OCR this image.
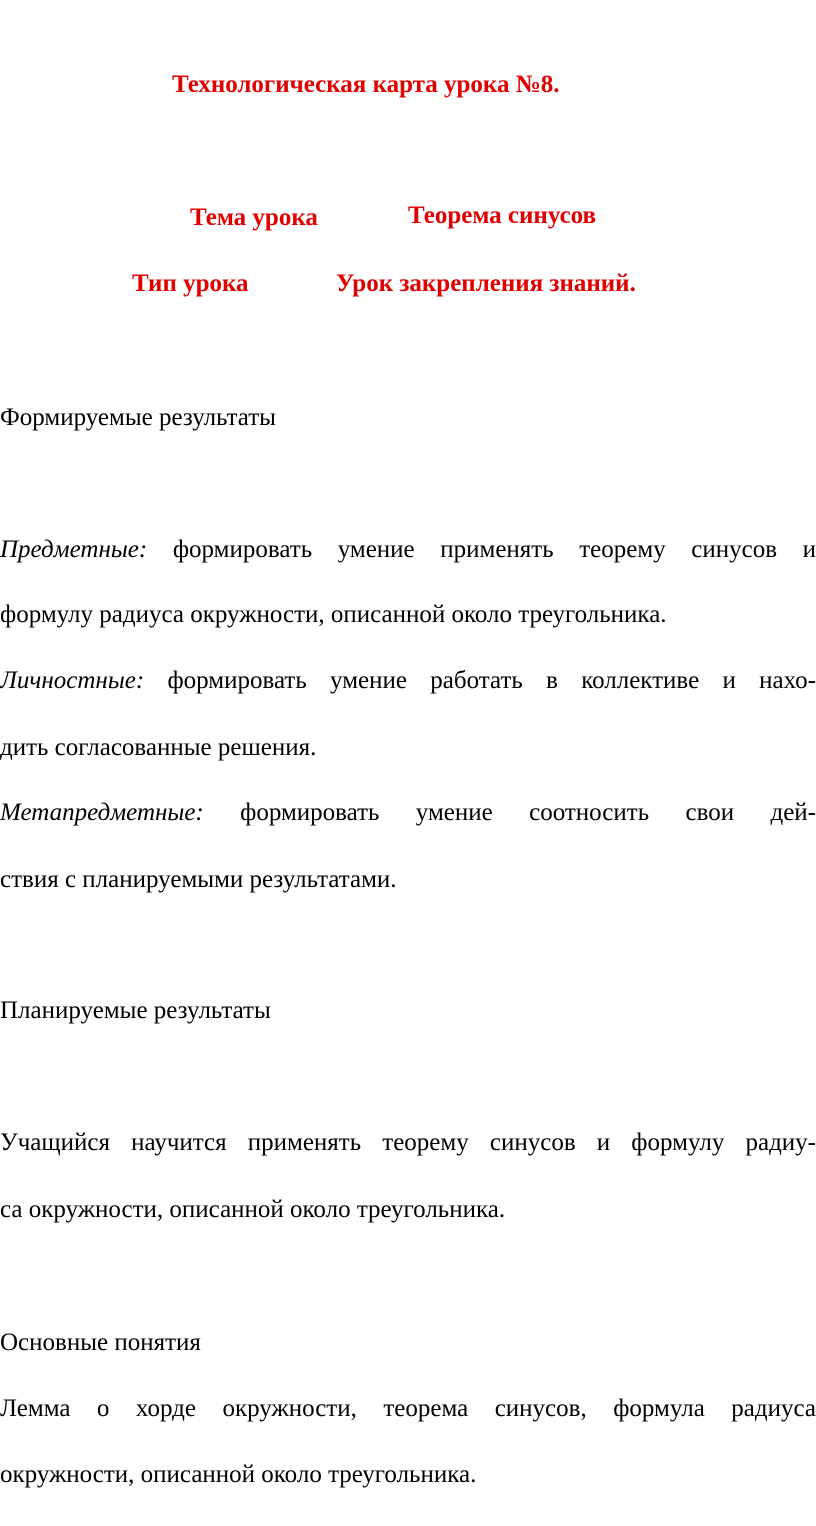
Технологическая карта урока №8.
Тема урока	Теорема синусов
Тип урока	Урок закрепления знаний.
Формируемые результаты
Предметные: формировать умение применять теорему синусов и
формулу радиуса окружности, описанной около треугольника.
Личностные: формировать умение работать в коллективе и нахо-
дить согласованные решения.
Метапредметные: формировать умение соотносить свои дей-
ствия с планируемыми результатами.
Планируемые результаты
Учащийся научится применять теорему синусов и формулу радиу-
са окружности, описанной около треугольника.
Основные понятия
Лемма о хорде окружности, теорема синусов, формула радиуса
окружности, описанной около треугольника.
